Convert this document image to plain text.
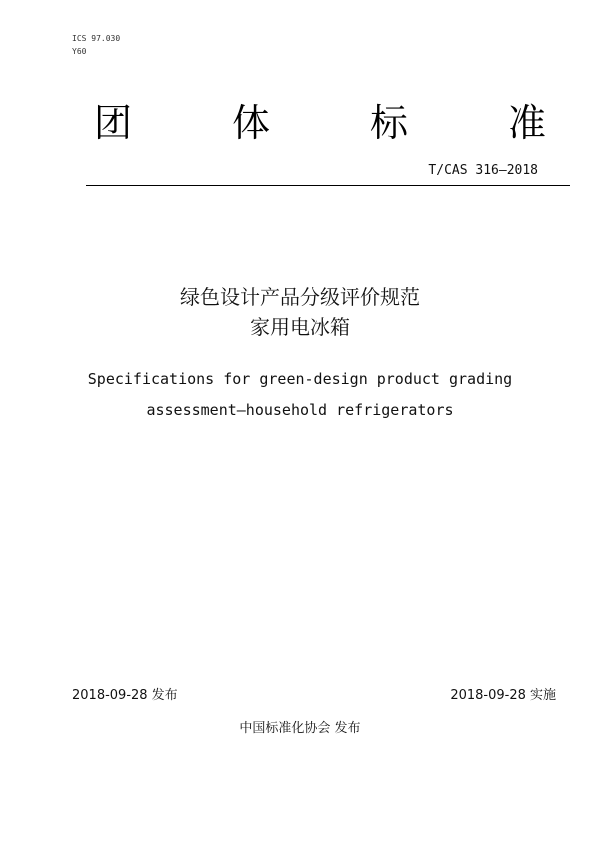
ICS 97.030
Y60
团	体	标	准
T/CAS 316—2018
绿色设计产品分级评价规范
家用电冰箱
Specifications for green-design product grading
assessment—household refrigerators
2018-09-28 发布	2018-09-28 实施
中国标准化协会 发布
